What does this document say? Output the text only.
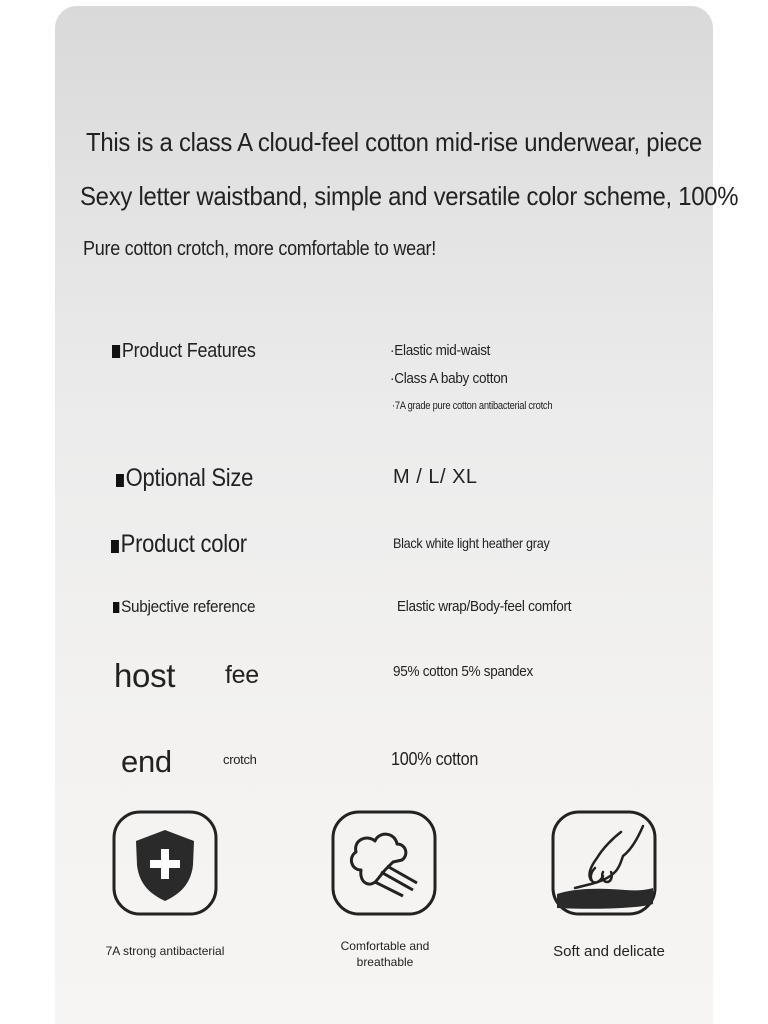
This is a class A cloud-feel cotton mid-rise underwear, piece
Sexy letter waistband, simple and versatile color scheme, 100%
Pure cotton crotch, more comfortable to wear!
Product Features	·Elastic mid-waist
·Class A baby cotton
·7A grade pure cotton antibacterial crotch
Optional Size	M / L/ XL
Product color	Black white light heather gray
Subjective reference	Elastic wrap/Body-feel comfort
host fee	95% cotton 5% spandex
end	crotch	100% cotton
7A strong antibacterial	Comfortable and
breathable
Soft and delicate
